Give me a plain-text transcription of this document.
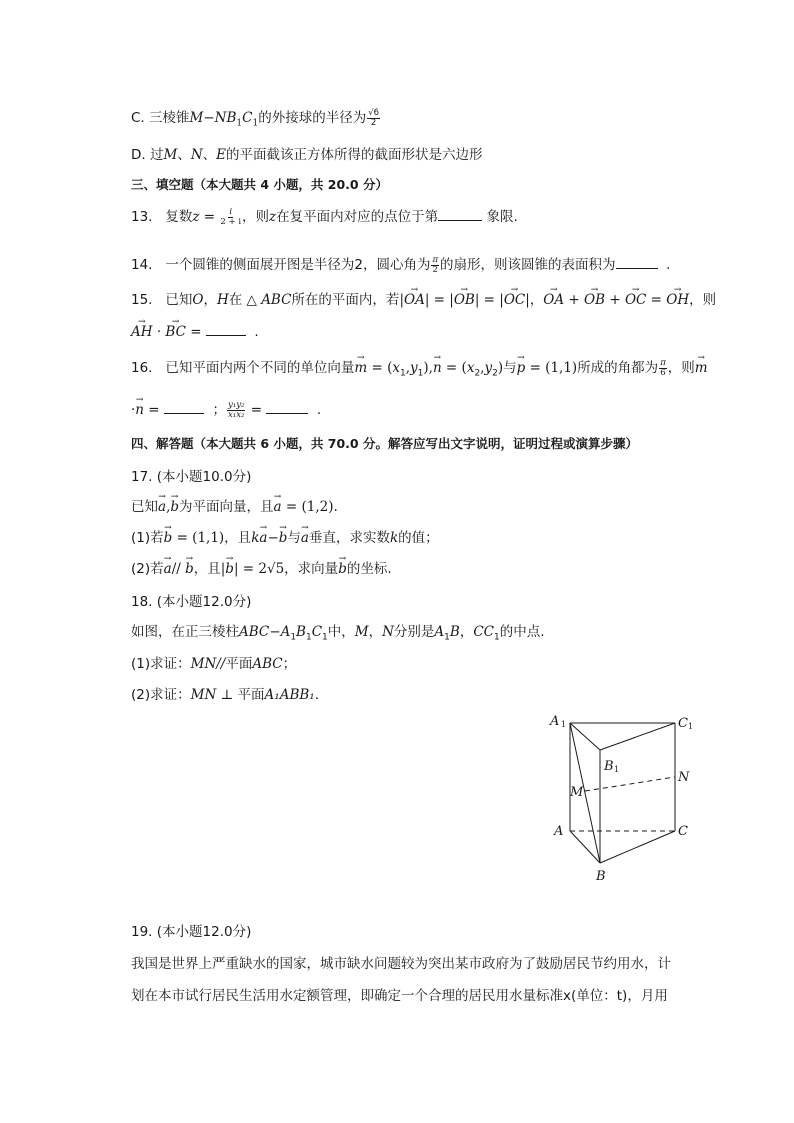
C. 三棱锥$M-NB_1C_1$的外接球的半径为 $\frac{√6}{2}$
D. 过M、N、E的平面截该正方体所得的截面形状是六边形
三、填空题（本大题共 4 小题，共 20.0 分）
13. 复数$z = \frac{i}{2 + i}$ ，则z在复平面内对应的点位于第	象限.
14. 一个圆锥的侧面展开图是半径为2，圆心角为 $\frac{\pi}{2}$ 的扇形，则该圆锥的表面积为	.
15. 已知O，H在 △ ABC所在的平面内，若|→ OA| = |→ OB| = |→ OC|，→ OA + → OB + → OC = → OH，则
→ AH · → BC =	.
16. 已知平面内两个不同的单位向量→ $m = (x_1,y_1),\to n = (x_2,y_2)$与→ p = (1,1)所成的角都为 $\frac{\pi}{6}$ ，则→ m
·→ n =	； $\frac{\text{y₁y₂}}{\text{x₁x₂}}$ =	.
四、解答题（本大题共 6 小题，共 70.0 分。解答应写出文字说明，证明过程或演算步骤）
17. (本小题10.0分)
已知→ a,→ b为平面向量，且→ a = (1,2).
(1)若→ b = (1,1)，且k→ a−→ b与→ a垂直，求实数k的值；
(2)若→ a// → b，且|→ b| = 2√5，求向量→ b的坐标.
18. (本小题12.0分)
如图，在正三棱柱$ABC-A_1B_1C_1$中，M，N分别是$A_1B$，$CC_1$的中点.
(1)求证：MN//平面ABC；
(2)求证：MN ⊥ 平面A₁ABB₁.
A 1	C 1
B 1
N
M
A	C
B
19. (本小题12.0分)
我国是世界上严重缺水的国家，城市缺水问题较为突出某市政府为了鼓励居民节约用水，计
划在本市试行居民生活用水定额管理，即确定一个合理的居民用水量标准x(单位：t)，月用
